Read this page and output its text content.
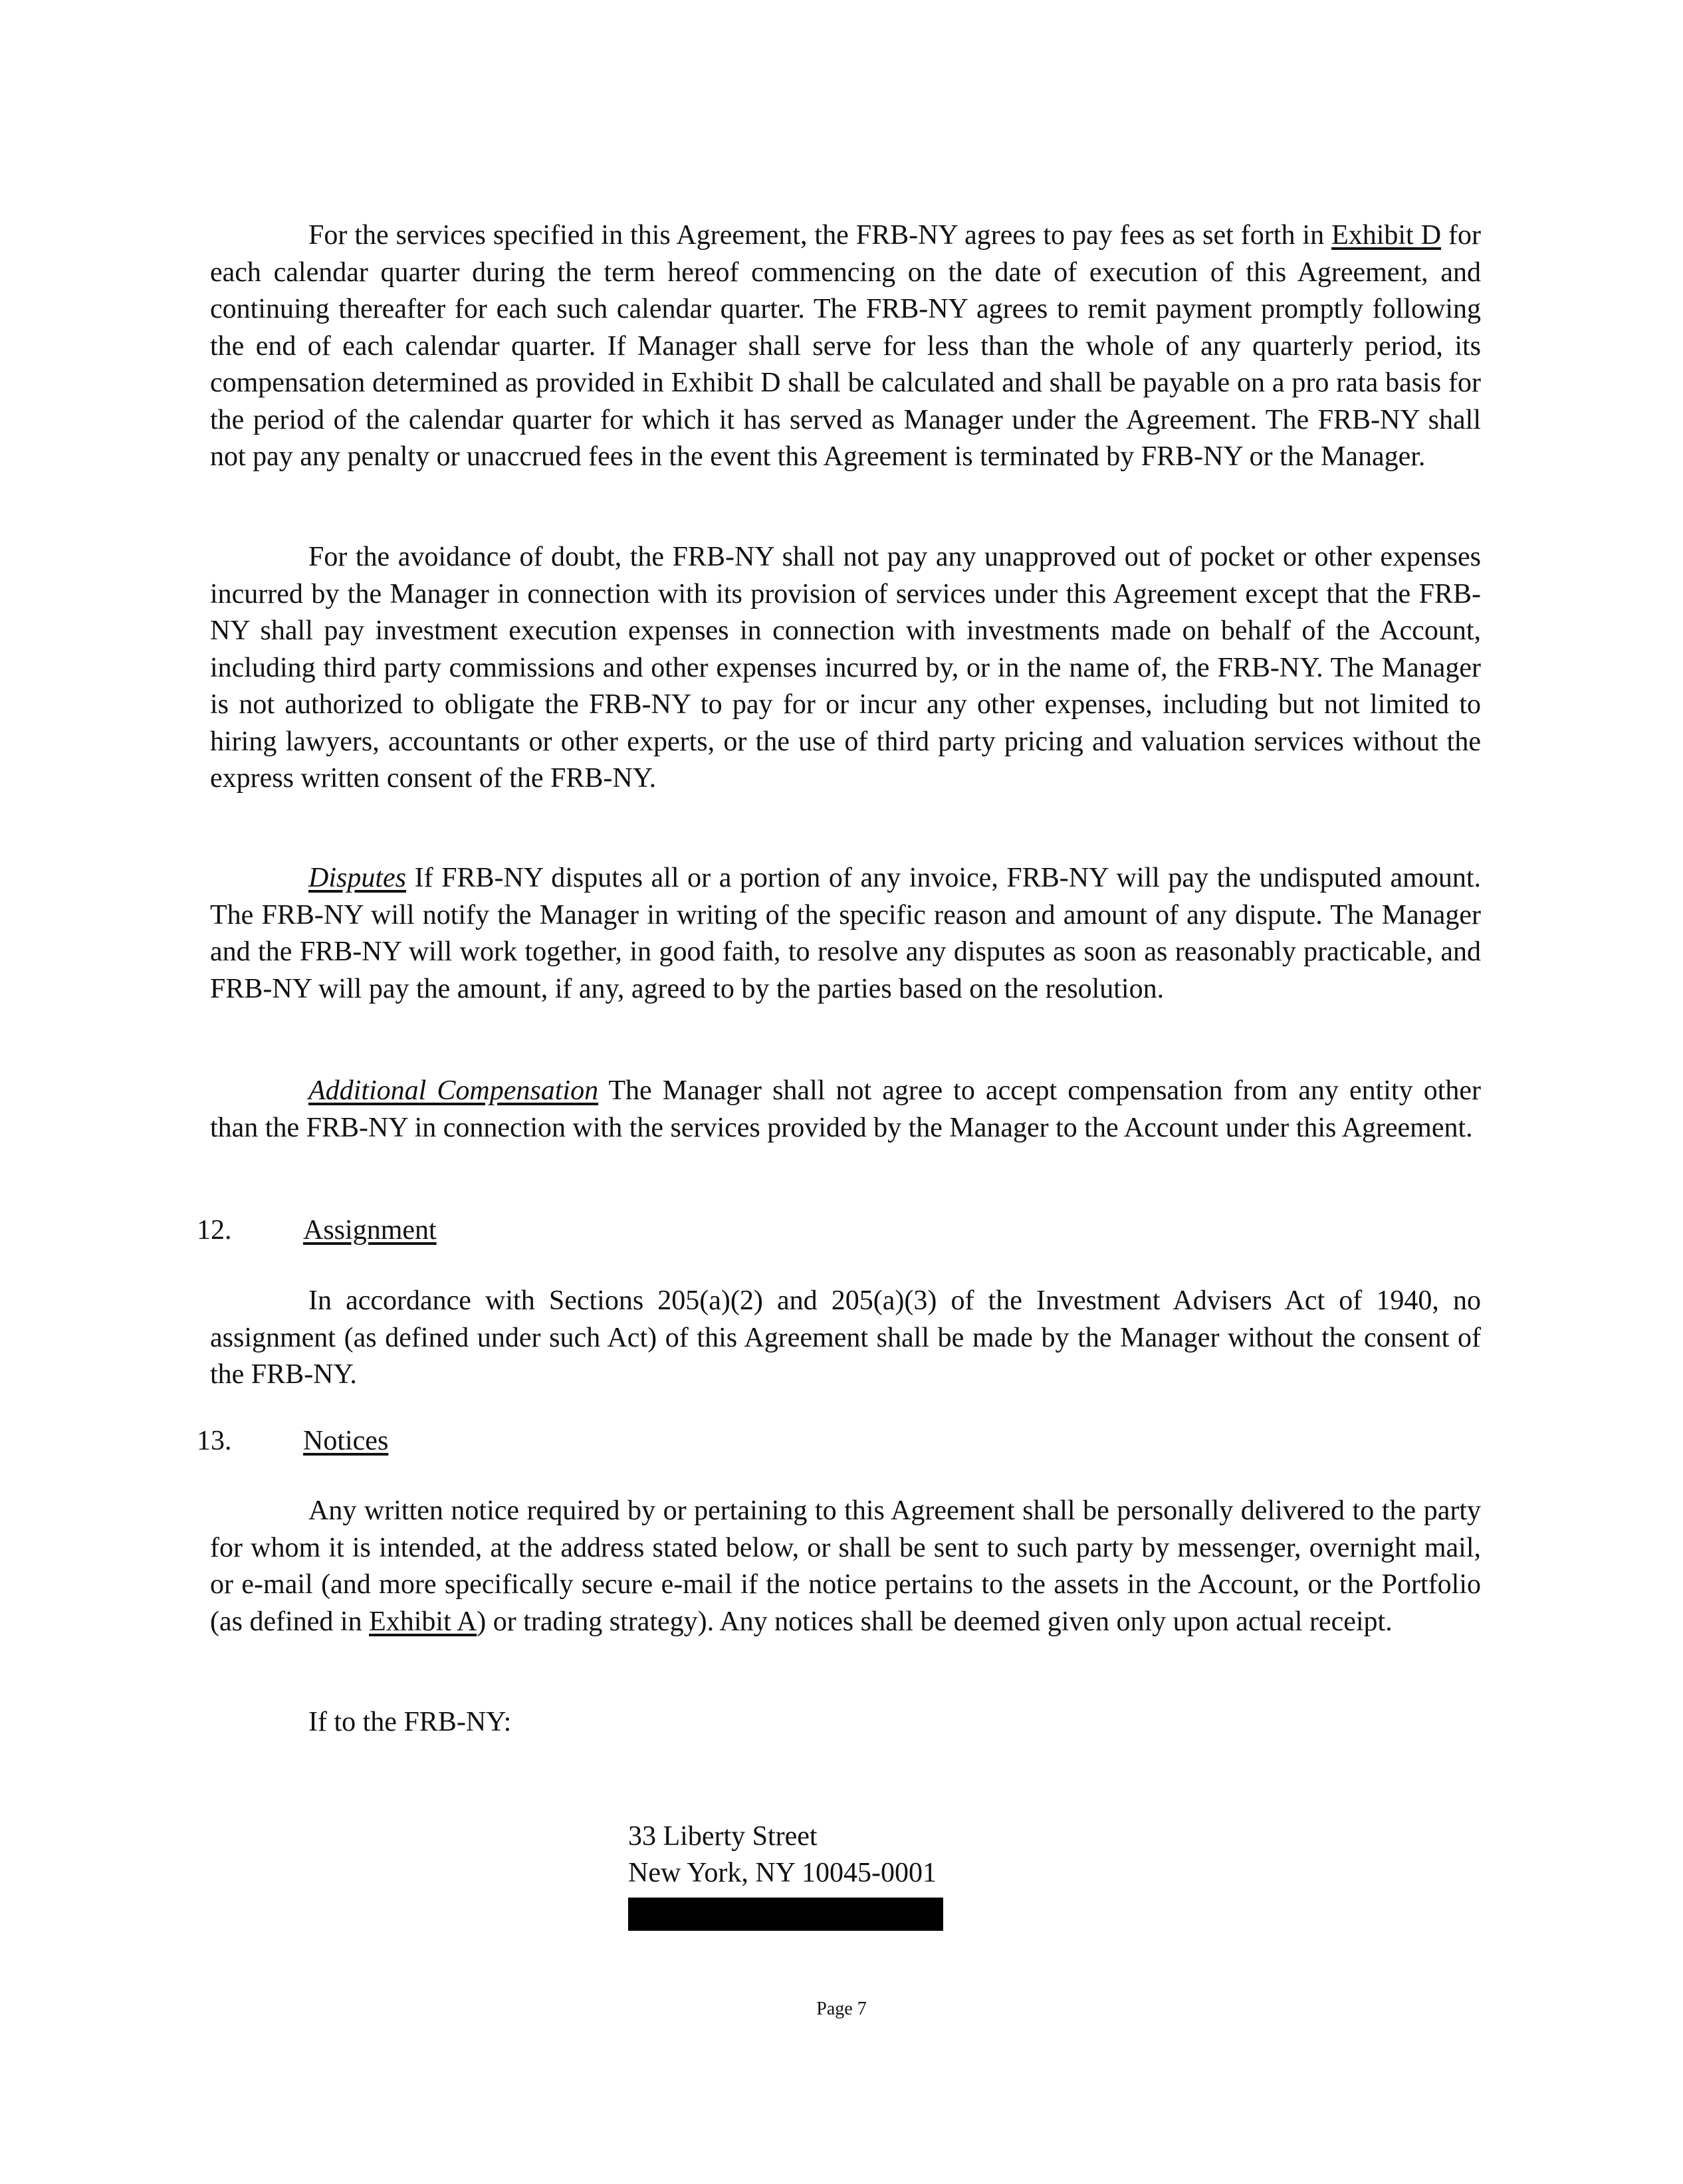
For the services specified in this Agreement, the FRB-NY agrees to pay fees as set forth in Exhibit D for each calendar quarter during the term hereof commencing on the date of execution of this Agreement, and continuing thereafter for each such calendar quarter. The FRB-NY agrees to remit payment promptly following the end of each calendar quarter. If Manager shall serve for less than the whole of any quarterly period, its compensation determined as provided in Exhibit D shall be calculated and shall be payable on a pro rata basis for the period of the calendar quarter for which it has served as Manager under the Agreement. The FRB-NY shall not pay any penalty or unaccrued fees in the event this Agreement is terminated by FRB-NY or the Manager.

For the avoidance of doubt, the FRB-NY shall not pay any unapproved out of pocket or other expenses incurred by the Manager in connection with its provision of services under this Agreement except that the FRB-NY shall pay investment execution expenses in connection with investments made on behalf of the Account, including third party commissions and other expenses incurred by, or in the name of, the FRB-NY. The Manager is not authorized to obligate the FRB-NY to pay for or incur any other expenses, including but not limited to hiring lawyers, accountants or other experts, or the use of third party pricing and valuation services without the express written consent of the FRB-NY.

Disputes If FRB-NY disputes all or a portion of any invoice, FRB-NY will pay the undisputed amount. The FRB-NY will notify the Manager in writing of the specific reason and amount of any dispute. The Manager and the FRB-NY will work together, in good faith, to resolve any disputes as soon as reasonably practicable, and FRB-NY will pay the amount, if any, agreed to by the parties based on the resolution.

Additional Compensation The Manager shall not agree to accept compensation from any entity other than the FRB-NY in connection with the services provided by the Manager to the Account under this Agreement.

12.	Assignment

In accordance with Sections 205(a)(2) and 205(a)(3) of the Investment Advisers Act of 1940, no assignment (as defined under such Act) of this Agreement shall be made by the Manager without the consent of the FRB-NY.

13.	Notices

Any written notice required by or pertaining to this Agreement shall be personally delivered to the party for whom it is intended, at the address stated below, or shall be sent to such party by messenger, overnight mail, or e-mail (and more specifically secure e-mail if the notice pertains to the assets in the Account, or the Portfolio (as defined in Exhibit A) or trading strategy). Any notices shall be deemed given only upon actual receipt.

If to the FRB-NY:

33 Liberty Street
New York, NY 10045-0001
Page 7
